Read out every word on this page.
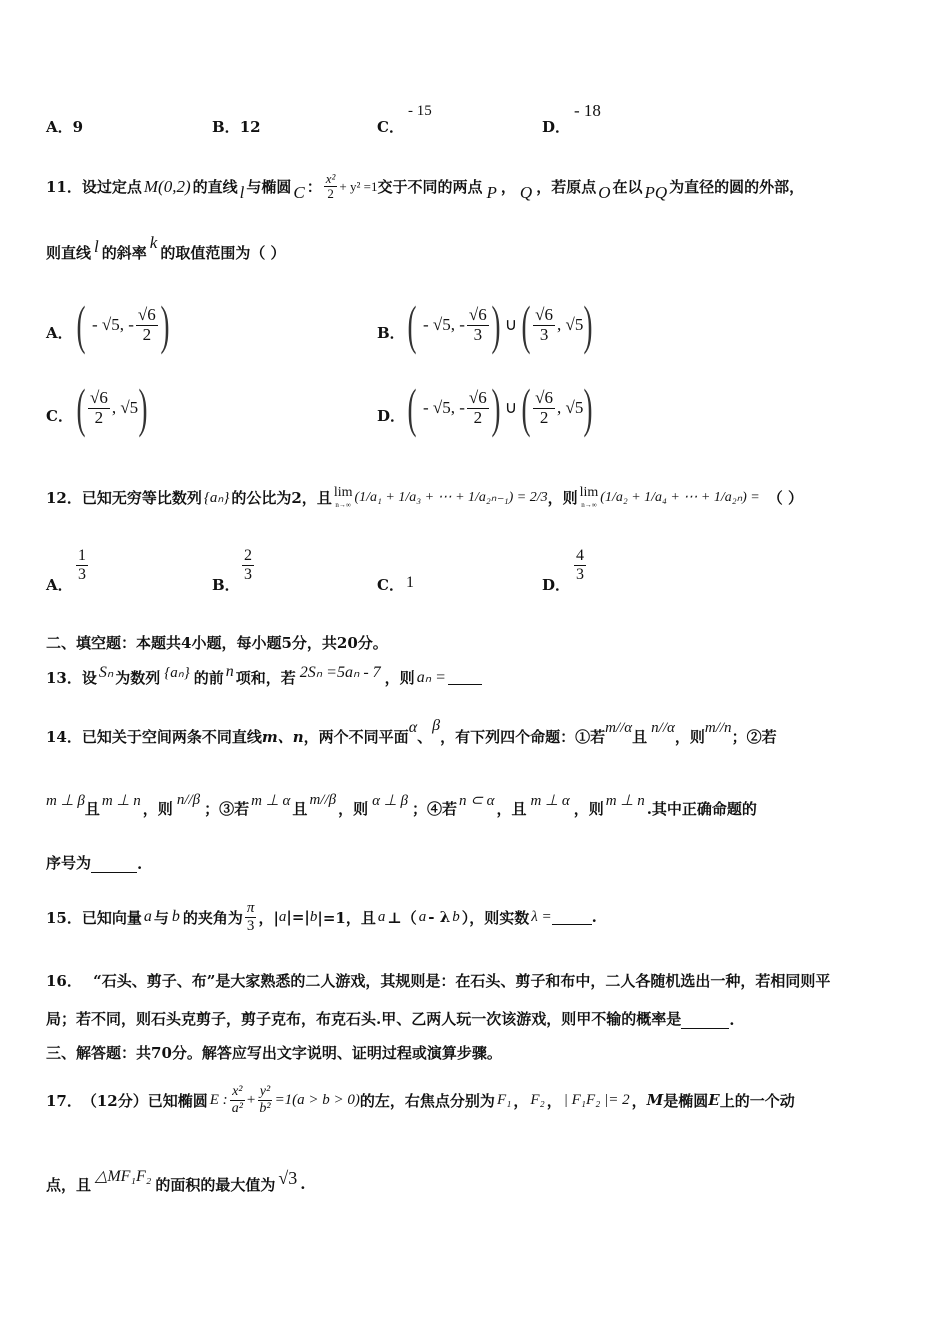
A．9	B．12	C．
- 15
D．
- 18
11． 设过定点 M(0,2) 的直线 l 与椭圆 C ： $\frac{\text{x²}}{2} + y^2 =1$ 交于不同的两点 P ， Q ，若原点 O 在以 PQ 为直径的圆的外部，
则直线 l 的斜率
k
的取值范围为（ ）
A． ( - √5, - $\frac{√6}{2}$ )	B． ( - √5, - $\frac{√6}{3}$ ) ∪ ( $\frac{√6}{3}$ , √5 )
C． ( $\frac{√6}{2}$ , √5 )	D． ( - √5, - $\frac{√6}{2}$ ) ∪ ( $\frac{√6}{2}$ , √5 )
12． 已知无穷等比数列 {aₙ} 的公比为2，且 lim
n→∞
(1/a₁ + 1/a₃ + ⋯ + 1/a₂ₙ₋₁) = 2/3 ，则 lim
n→∞
(1/a₂ + 1/a₄ + ⋯ + 1/a₂ₙ) = （ ）
A．
$\frac{1}{3}$
B．
$\frac{2}{3}$
C． 1	D．
$\frac{4}{3}$
二、填空题：本题共4小题，每小题5分，共20分。
13． 设 Sₙ 为数列 {aₙ} 的前 n 项和，若 2Sₙ =5aₙ - 7 ，则 aₙ =
14． 已知关于空间两条不同直线 m、n ，两个不同平面 α 、
β
，有下列四个命题：①若 m//α 且 n//α ，则 m//n ；②若
m ⊥ β 且 m ⊥ n ，则 n//β ；③若 m ⊥ α 且 m//β ，则 α ⊥ β ；④若 n ⊂ α ，且 m ⊥ α ，则 m ⊥ n .其中正确命题的
序号为	.
15． 已知向量 a 与 b 的夹角为 $\frac{\pi}{3}$ ，| a |=| b |=1，且 a ⊥（ a - λ b ），则实数 λ =	.
16． “石头、剪子、布”是大家熟悉的二人游戏，其规则是：在石头、剪子和布中，二人各随机选出一种，若相同则平
局；若不同，则石头克剪子，剪子克布，布克石头.甲、乙两人玩一次该游戏，则甲不输的概率是	.
三、解答题：共70分。解答应写出文字说明、证明过程或演算步骤。
17． （12分） 已知椭圆 E : $\frac{\text{x²}}{\text{a²}} + \frac{\text{y²}}{\text{b²}} =1(a > b > 0)$ 的左，右焦点分别为 F₁ ， F₂ ， | F₁F₂ |= 2 ， M 是椭圆 E 上的一个动
点，且 △MF₁F₂ 的面积的最大值为 √3 .
